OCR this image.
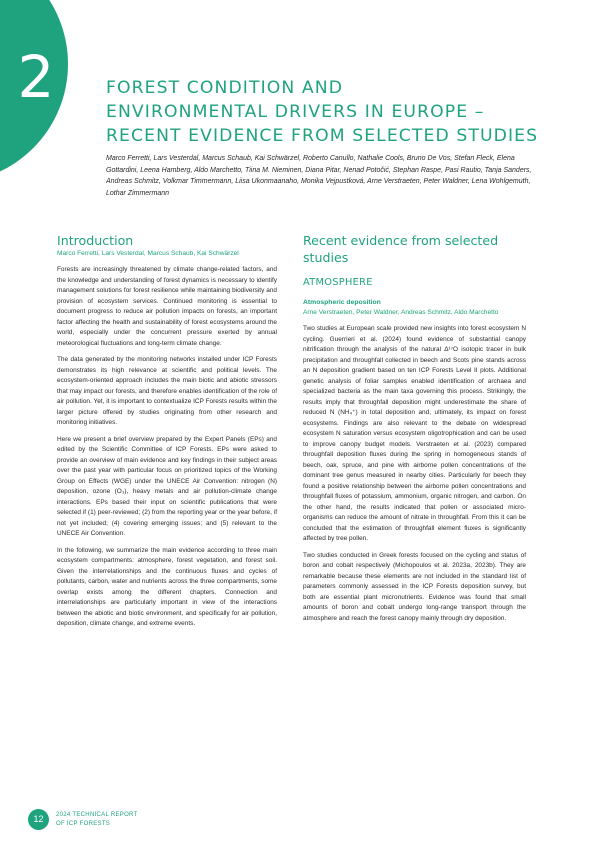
2	FOREST CONDITION AND
ENVIRONMENTAL DRIVERS IN EUROPE –
RECENT EVIDENCE FROM SELECTED STUDIES

Marco Ferretti, Lars Vesterdal, Marcus Schaub, Kai Schwärzel, Roberto Canullo, Nathalie Cools, Bruno De Vos, Stefan Fleck, Elena Gottardini, Leena Hamberg, Aldo Marchetto, Tiina M. Nieminen, Diana Pitar, Nenad Potočić, Stephan Raspe, Pasi Rautio, Tanja Sanders, Andreas Schmitz, Volkmar Timmermann, Liisa Ukonmaanaho, Monika Vejpustková, Arne Verstraeten, Peter Waldner, Lena Wohlgemuth, Lothar Zimmermann

Introduction
Marco Ferretti, Lars Vesterdal, Marcus Schaub, Kai Schwärzel

Forests are increasingly threatened by climate change-related factors, and the knowledge and understanding of forest dynamics is necessary to identify management solutions for forest resilience while maintaining biodiversity and provision of ecosystem services. Continued monitoring is essential to document progress to reduce air pollution impacts on forests, an important factor affecting the health and sustainability of forest ecosystems around the world, especially under the concurrent pressure exerted by annual meteorological fluctuations and long-term climate change.

The data generated by the monitoring networks installed under ICP Forests demonstrates its high relevance at scientific and political levels. The ecosystem-oriented approach includes the main biotic and abiotic stressors that may impact our forests, and therefore enables identification of the role of air pollution. Yet, it is important to contextualize ICP Forests results within the larger picture offered by studies originating from other research and monitoring initiatives.

Here we present a brief overview prepared by the Expert Panels (EPs) and edited by the Scientific Committee of ICP Forests. EPs were asked to provide an overview of main evidence and key findings in their subject areas over the past year with particular focus on prioritized topics of the Working Group on Effects (WGE) under the UNECE Air Convention: nitrogen (N) deposition, ozone (O₃), heavy metals and air pollution-climate change interactions. EPs based their input on scientific publications that were selected if (1) peer-reviewed; (2) from the reporting year or the year before, if not yet included; (4) covering emerging issues; and (5) relevant to the UNECE Air Convention.

In the following, we summarize the main evidence according to three main ecosystem compartments: atmosphere, forest vegetation, and forest soil. Given the interrelationships and the continuous fluxes and cycles of pollutants, carbon, water and nutrients across the three compartments, some overlap exists among the different chapters. Connection and interrelationships are particularly important in view of the interactions between the abiotic and biotic environment, and specifically for air pollution, deposition, climate change, and extreme events.

Recent evidence from selected studies
ATMOSPHERE
Atmospheric deposition
Arne Verstraeten, Peter Waldner, Andreas Schmitz, Aldo Marchetto

Two studies at European scale provided new insights into forest ecosystem N cycling. Guerrieri et al. (2024) found evidence of substantial canopy nitrification through the analysis of the natural Δ¹⁷O isotopic tracer in bulk precipitation and throughfall collected in beech and Scots pine stands across an N deposition gradient based on ten ICP Forests Level II plots. Additional genetic analysis of foliar samples enabled identification of archaea and specialized bacteria as the main taxa governing this process. Strikingly, the results imply that throughfall deposition might underestimate the share of reduced N (NH₄⁺) in total deposition and, ultimately, its impact on forest ecosystems. Findings are also relevant to the debate on widespread ecosystem N saturation versus ecosystem oligotrophication and can be used to improve canopy budget models. Verstraeten et al. (2023) compared throughfall deposition fluxes during the spring in homogeneous stands of beech, oak, spruce, and pine with airborne pollen concentrations of the dominant tree genus measured in nearby cities. Particularly for beech they found a positive relationship between the airborne pollen concentrations and throughfall fluxes of potassium, ammonium, organic nitrogen, and carbon. On the other hand, the results indicated that pollen or associated micro-organisms can reduce the amount of nitrate in throughfall. From this it can be concluded that the estimation of throughfall element fluxes is significantly affected by tree pollen.

Two studies conducted in Greek forests focused on the cycling and status of boron and cobalt respectively (Michopoulos et al. 2023a, 2023b). They are remarkable because these elements are not included in the standard list of parameters commonly assessed in the ICP Forests deposition survey, but both are essential plant micronutrients. Evidence was found that small amounts of boron and cobalt undergo long-range transport through the atmosphere and reach the forest canopy mainly through dry deposition.

12	2024 TECHNICAL REPORT
OF ICP FORESTS
